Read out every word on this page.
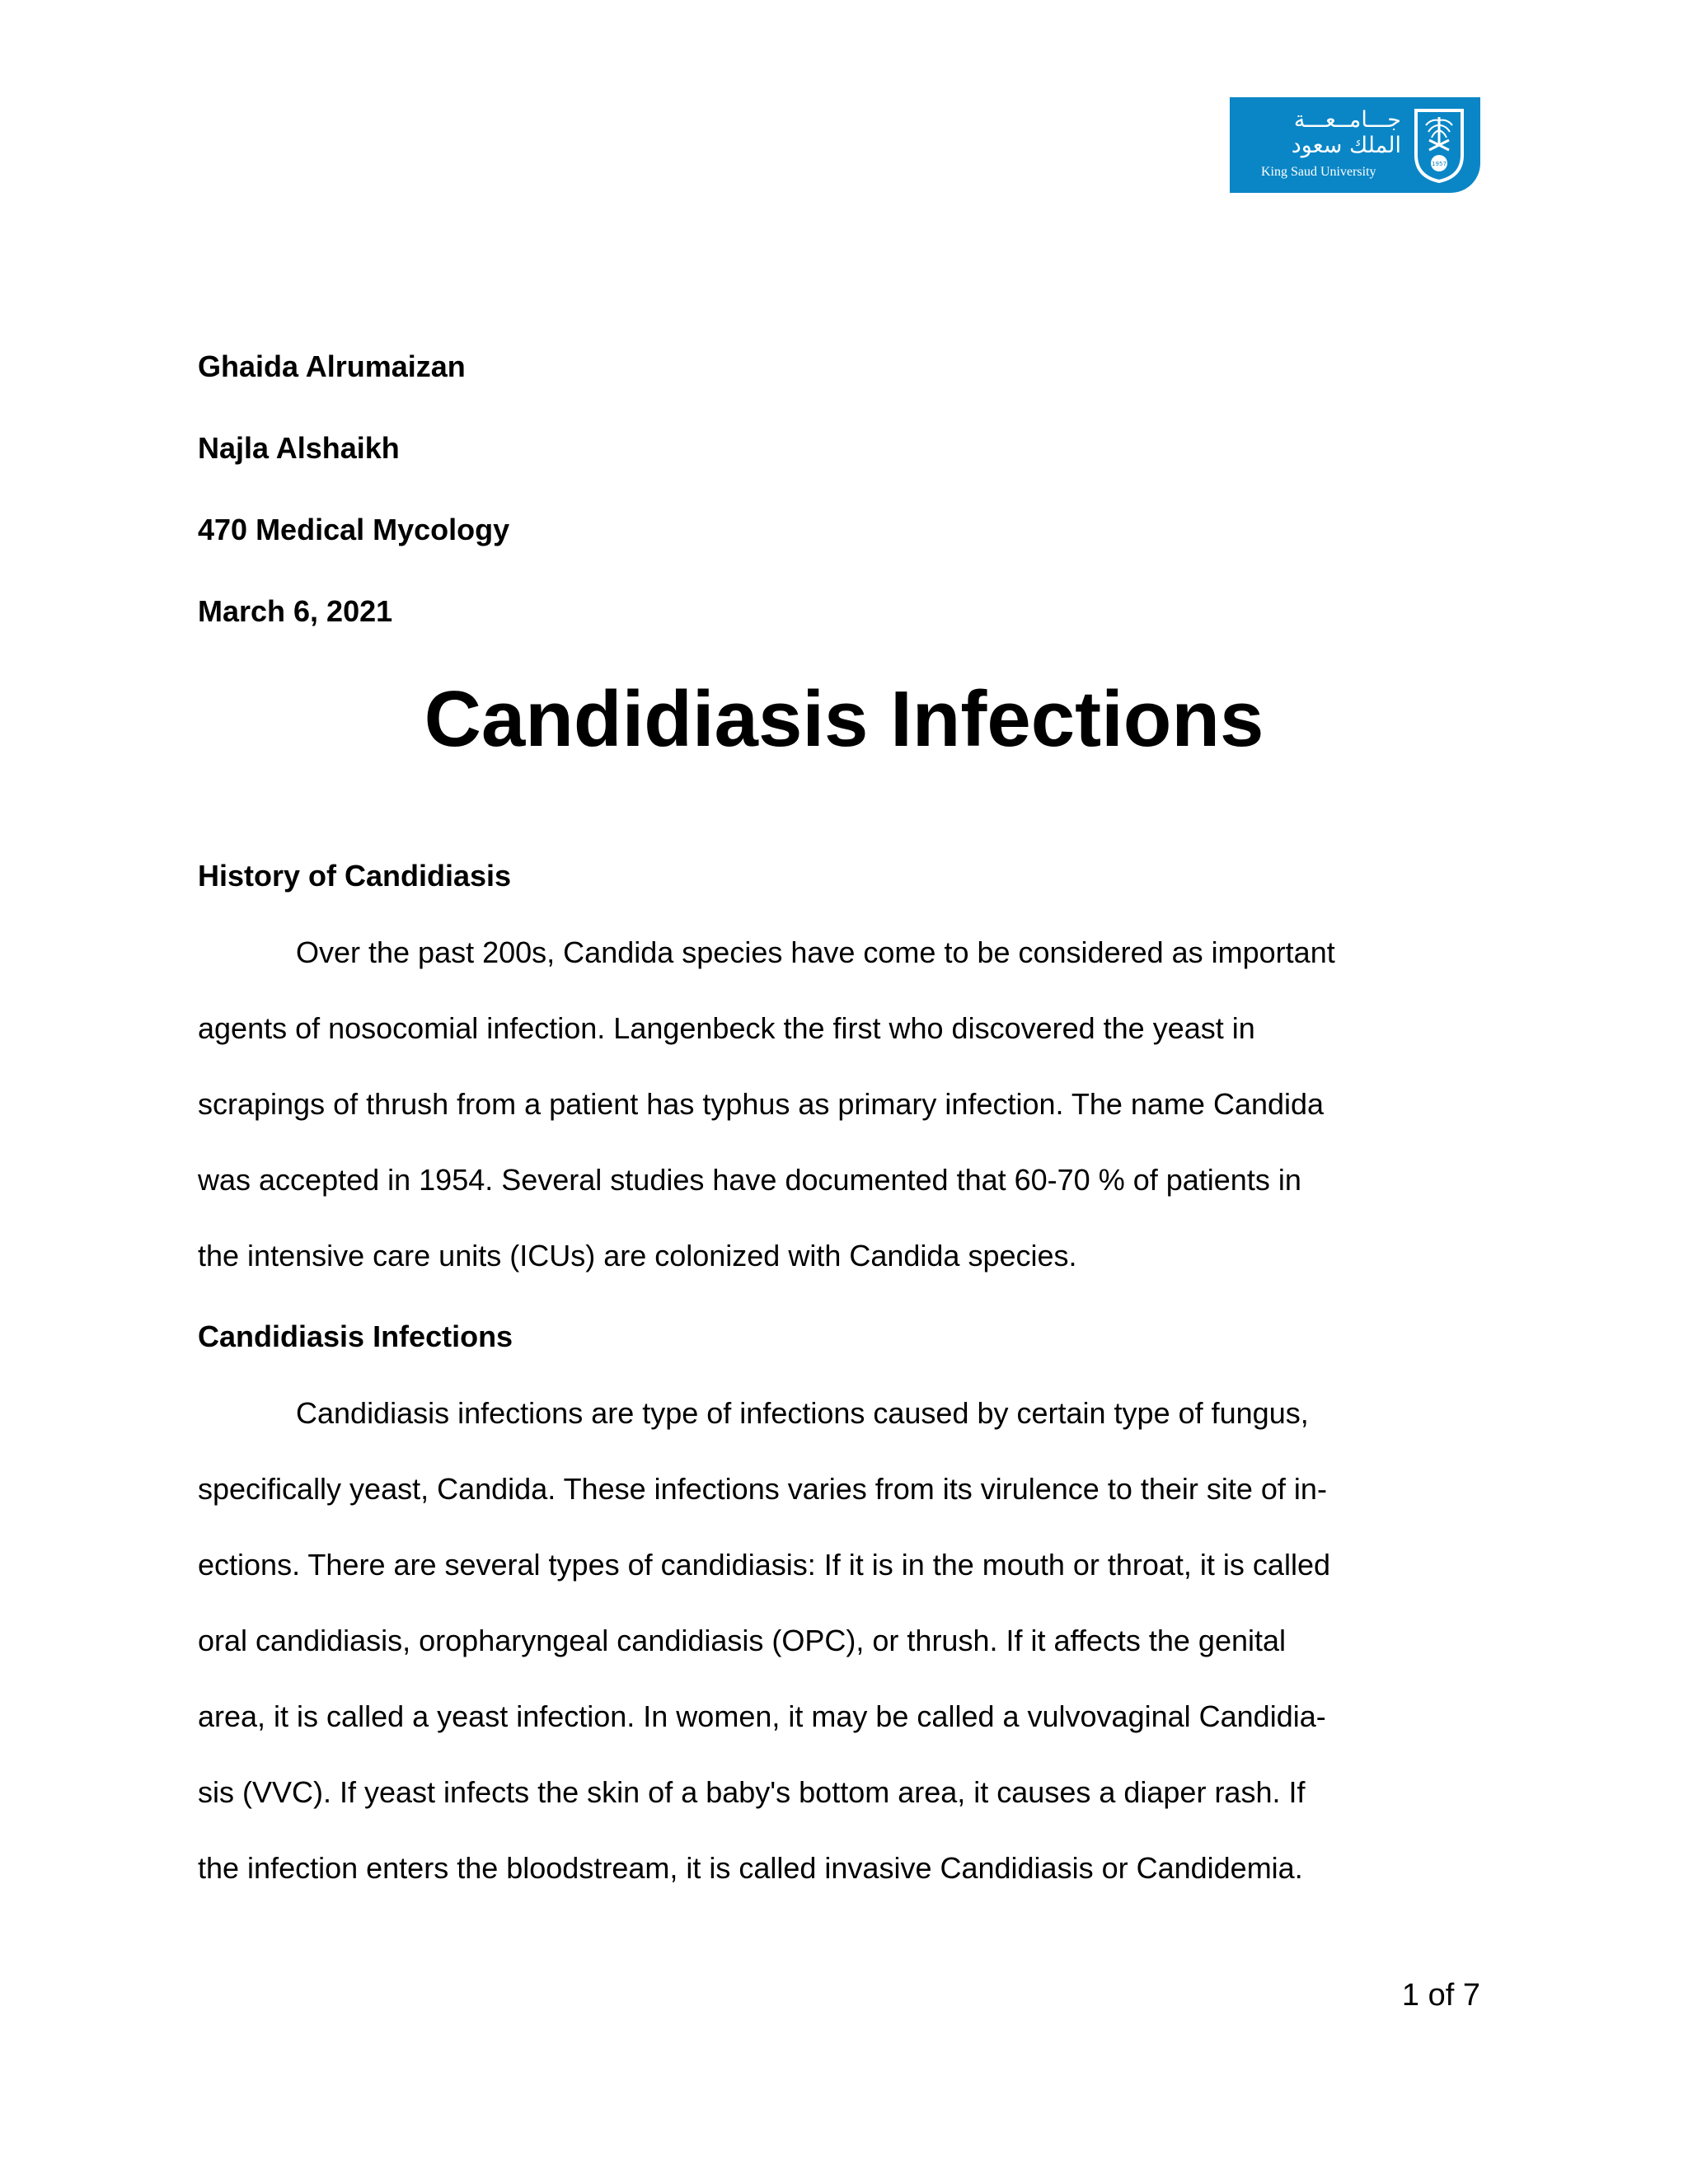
جـــامــعـــة
الملك سعود
King Saud University
1957
Ghaida Alrumaizan
Najla Alshaikh
470 Medical Mycology
March 6, 2021
Candidiasis Infections
History of Candidiasis
Over the past 200s, Candida species have come to be considered as important
agents of nosocomial infection. Langenbeck the first who discovered the yeast in
scrapings of thrush from a patient has typhus as primary infection. The name Candida
was accepted in 1954. Several studies have documented that 60-70 % of patients in
the intensive care units (ICUs) are colonized with Candida species.
Candidiasis Infections
Candidiasis infections are type of infections caused by certain type of fungus,
specifically yeast, Candida. These infections varies from its virulence to their site of in-
ections. There are several types of candidiasis: If it is in the mouth or throat, it is called
oral candidiasis, oropharyngeal candidiasis (OPC), or thrush. If it affects the genital
area, it is called a yeast infection. In women, it may be called a vulvovaginal Candidia-
sis (VVC). If yeast infects the skin of a baby's bottom area, it causes a diaper rash. If
the infection enters the bloodstream, it is called invasive Candidiasis or Candidemia.
1 of 7
